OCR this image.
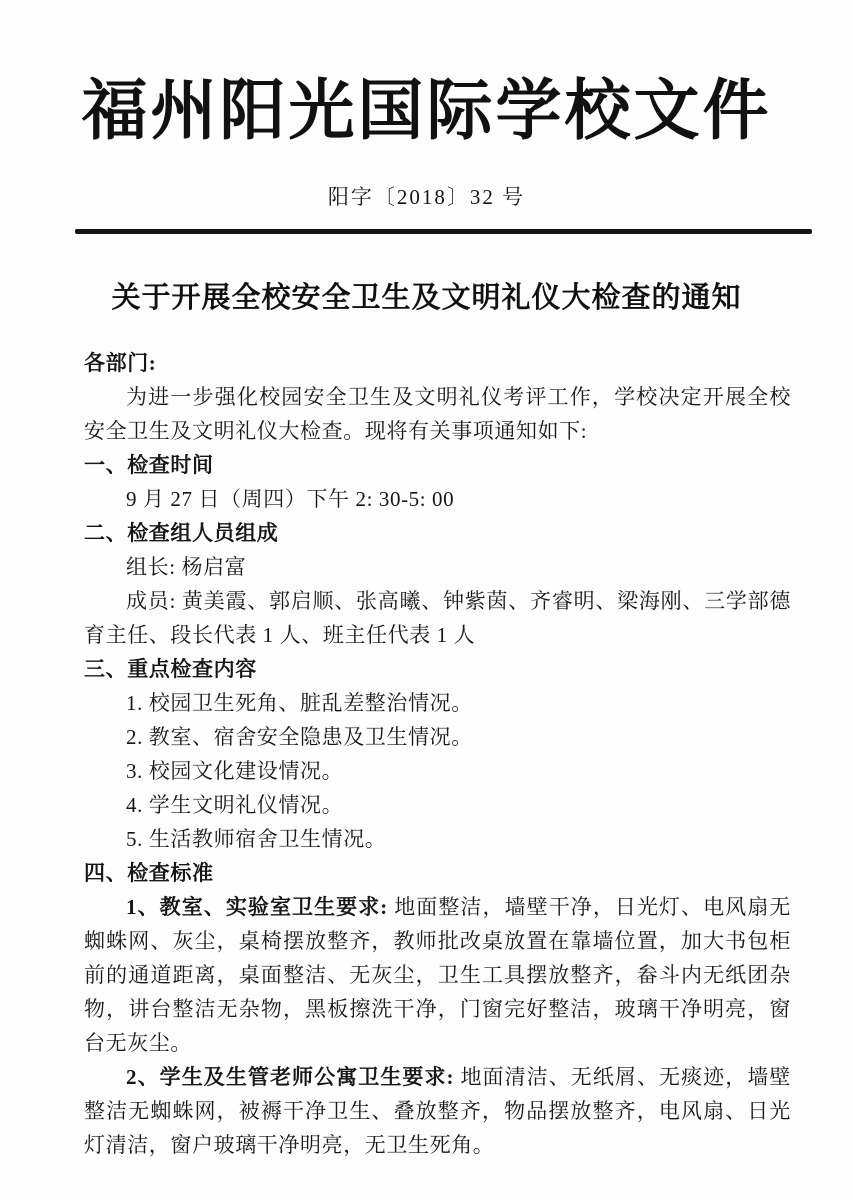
福州阳光国际学校文件
阳字〔2018〕32 号
关于开展全校安全卫生及文明礼仪大检查的通知

各部门:

为进一步强化校园安全卫生及文明礼仪考评工作，学校决定开展全校安全卫生及文明礼仪大检查。现将有关事项通知如下:

一、检查时间

9 月 27 日（周四）下午 2: 30-5: 00

二、检查组人员组成

组长: 杨启富

成员: 黄美霞、郭启顺、张高曦、钟紫茵、齐睿明、梁海刚、三学部德育主任、段长代表 1 人、班主任代表 1 人

三、重点检查内容

1. 校园卫生死角、脏乱差整治情况。

2. 教室、宿舍安全隐患及卫生情况。

3. 校园文化建设情况。

4. 学生文明礼仪情况。

5. 生活教师宿舍卫生情况。

四、检查标准

1、教室、实验室卫生要求: 地面整洁，墙壁干净，日光灯、电风扇无蜘蛛网、灰尘，桌椅摆放整齐，教师批改桌放置在靠墙位置，加大书包柜前的通道距离，桌面整洁、无灰尘，卫生工具摆放整齐，畚斗内无纸团杂物，讲台整洁无杂物，黑板擦洗干净，门窗完好整洁，玻璃干净明亮，窗台无灰尘。

2、学生及生管老师公寓卫生要求: 地面清洁、无纸屑、无痰迹，墙壁整洁无蜘蛛网，被褥干净卫生、叠放整齐，物品摆放整齐，电风扇、日光灯清洁，窗户玻璃干净明亮，无卫生死角。
